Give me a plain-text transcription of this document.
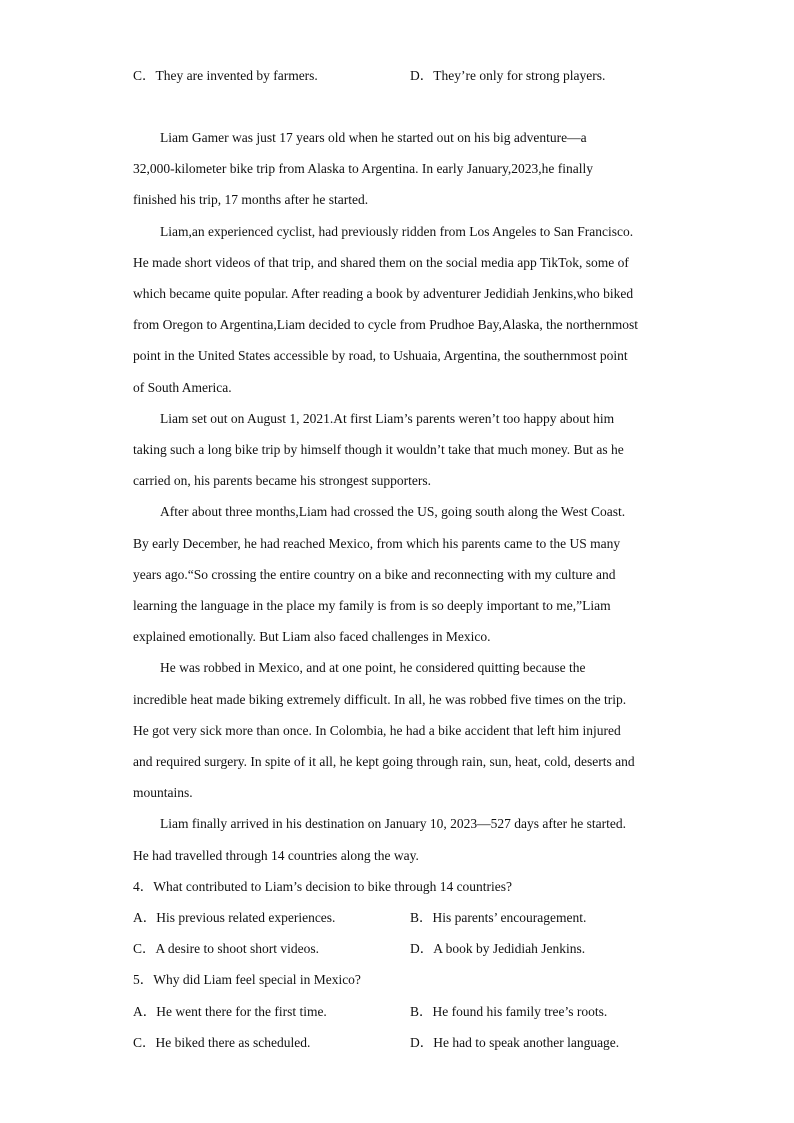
C．They are invented by farmers.	D．They’re only for strong players.
Liam Gamer was just 17 years old when he started out on his big adventure—a
32,000-kilometer bike trip from Alaska to Argentina. In early January,2023,he finally
finished his trip, 17 months after he started.
Liam,an experienced cyclist, had previously ridden from Los Angeles to San Francisco.
He made short videos of that trip, and shared them on the social media app TikTok, some of
which became quite popular. After reading a book by adventurer Jedidiah Jenkins,who biked
from Oregon to Argentina,Liam decided to cycle from Prudhoe Bay,Alaska, the northernmost
point in the United States accessible by road, to Ushuaia, Argentina, the southernmost point
of South America.
Liam set out on August 1, 2021.At first Liam’s parents weren’t too happy about him
taking such a long bike trip by himself though it wouldn’t take that much money. But as he
carried on, his parents became his strongest supporters.
After about three months,Liam had crossed the US, going south along the West Coast.
By early December, he had reached Mexico, from which his parents came to the US many
years ago.“So crossing the entire country on a bike and reconnecting with my culture and
learning the language in the place my family is from is so deeply important to me,”Liam
explained emotionally. But Liam also faced challenges in Mexico.
He was robbed in Mexico, and at one point, he considered quitting because the
incredible heat made biking extremely difficult. In all, he was robbed five times on the trip.
He got very sick more than once. In Colombia, he had a bike accident that left him injured
and required surgery. In spite of it all, he kept going through rain, sun, heat, cold, deserts and
mountains.
Liam finally arrived in his destination on January 10, 2023—527 days after he started.
He had travelled through 14 countries along the way.
4．What contributed to Liam’s decision to bike through 14 countries?
A．His previous related experiences.	B．His parents’ encouragement.
C．A desire to shoot short videos.	D．A book by Jedidiah Jenkins.
5．Why did Liam feel special in Mexico?
A．He went there for the first time.	B．He found his family tree’s roots.
C．He biked there as scheduled.	D．He had to speak another language.
